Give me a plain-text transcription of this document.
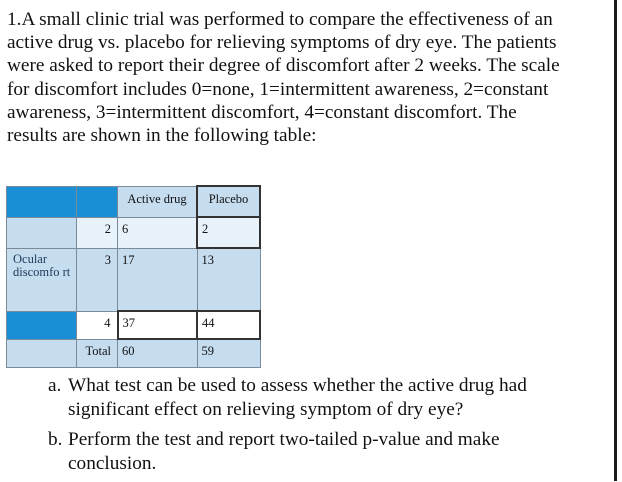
1.A small clinic trial was performed to compare the effectiveness of an active drug vs. placebo for relieving symptoms of dry eye. The patients were asked to report their degree of discomfort after 2 weeks. The scale for discomfort includes 0=none, 1=intermittent awareness, 2=constant awareness, 3=intermittent discomfort, 4=constant discomfort. The results are shown in the following table:

		Active drug	Placebo

	2	6	2

Ocular discomfo rt	3	17	13

	4	37	44

	Total	60	59
a. What test can be used to assess whether the active drug had significant effect on relieving symptom of dry eye?
b. Perform the test and report two-tailed p-value and make conclusion.
